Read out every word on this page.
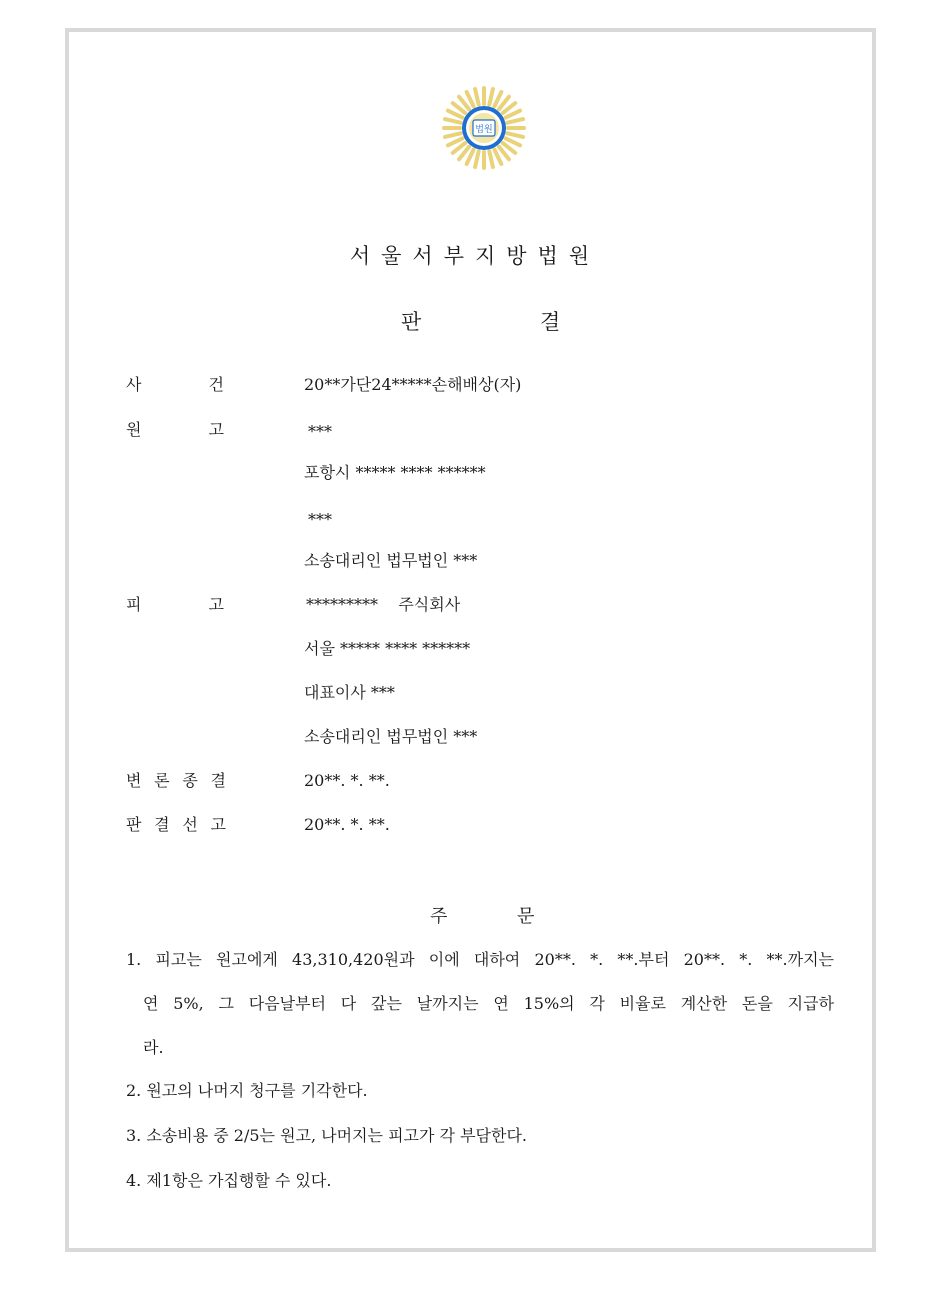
법원
서울서부지방법원
판	결
사	건	20**가단24*****손해배상(자)
원	고	***
포항시 ***** **** ******
***
소송대리인 법무법인 ***
피	고	*********    주식회사
서울 ***** **** ******
대표이사 ***
소송대리인 법무법인 ***
변 론 종 결	20**. *. **.
판 결 선 고	20**. *. **.
주	문
1. 피고는 원고에게 43,310,420원과 이에 대하여 20**. *. **.부터 20**. *. **.까지는
연 5%, 그 다음날부터 다 갚는 날까지는 연 15%의 각 비율로 계산한 돈을 지급하
라.
2. 원고의 나머지 청구를 기각한다.
3. 소송비용 중 2/5는 원고, 나머지는 피고가 각 부담한다.
4. 제1항은 가집행할 수 있다.
